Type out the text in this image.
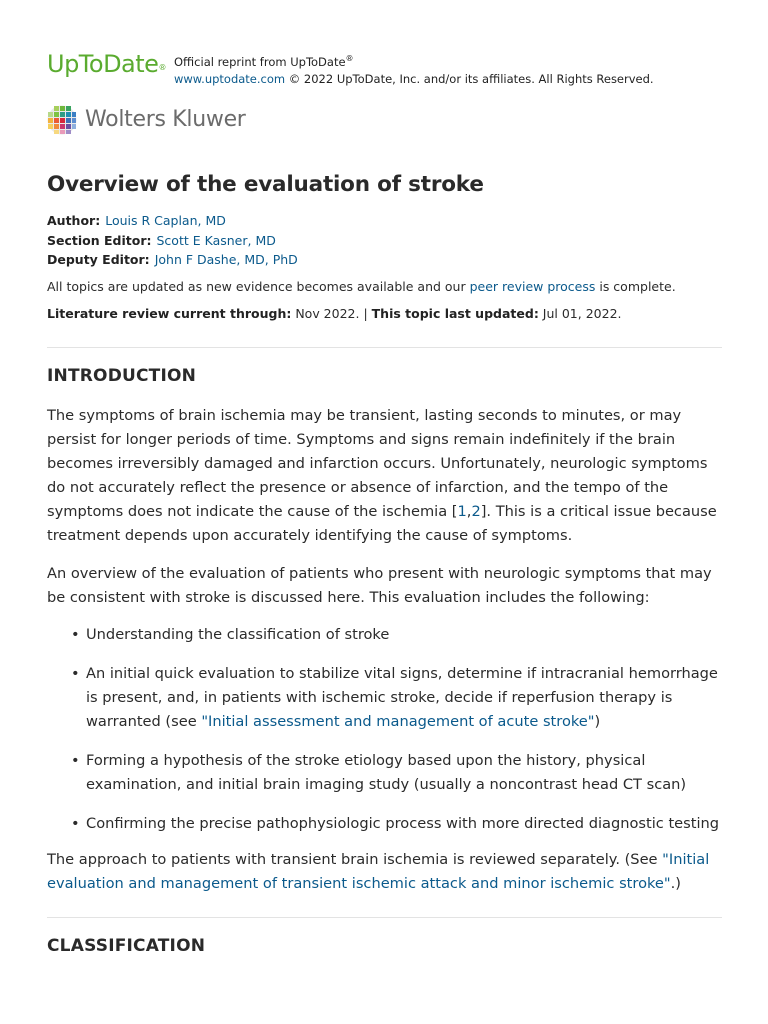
UpToDate® Official reprint from UpToDate®
www.uptodate.com © 2022 UpToDate, Inc. and/or its affiliates. All Rights Reserved.
Wolters Kluwer
Overview of the evaluation of stroke
Author: Louis R Caplan, MD
Section Editor: Scott E Kasner, MD
Deputy Editor: John F Dashe, MD, PhD
All topics are updated as new evidence becomes available and our peer review process is complete.
Literature review current through: Nov 2022. | This topic last updated: Jul 01, 2022.
INTRODUCTION

The symptoms of brain ischemia may be transient, lasting seconds to minutes, or may persist for longer periods of time. Symptoms and signs remain indefinitely if the brain becomes irreversibly damaged and infarction occurs. Unfortunately, neurologic symptoms do not accurately reflect the presence or absence of infarction, and the tempo of the symptoms does not indicate the cause of the ischemia [1,2]. This is a critical issue because treatment depends upon accurately identifying the cause of symptoms.

An overview of the evaluation of patients who present with neurologic symptoms that may be consistent with stroke is discussed here. This evaluation includes the following:

• Understanding the classification of stroke
• An initial quick evaluation to stabilize vital signs, determine if intracranial hemorrhage is present, and, in patients with ischemic stroke, decide if reperfusion therapy is warranted (see "Initial assessment and management of acute stroke")
• Forming a hypothesis of the stroke etiology based upon the history, physical examination, and initial brain imaging study (usually a noncontrast head CT scan)
• Confirming the precise pathophysiologic process with more directed diagnostic testing

The approach to patients with transient brain ischemia is reviewed separately. (See "Initial evaluation and management of transient ischemic attack and minor ischemic stroke".)

CLASSIFICATION
